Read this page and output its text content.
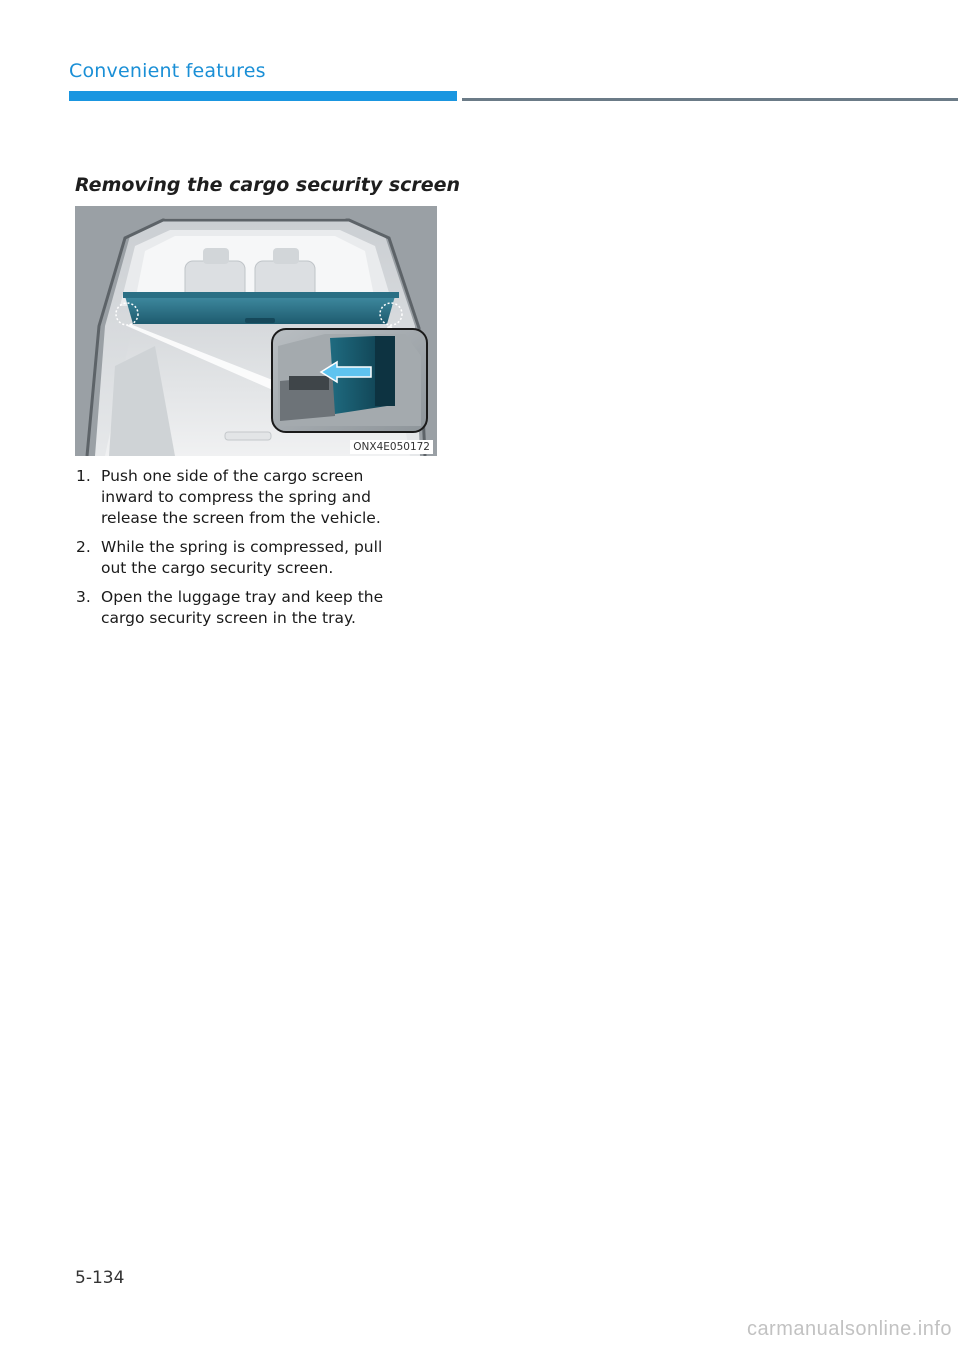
Convenient features
Removing the cargo security screen
ONX4E050172
1. Push one side of the cargo screen
inward to compress the spring and
release the screen from the vehicle.
2. While the spring is compressed, pull
out the cargo security screen.
3. Open the luggage tray and keep the
cargo security screen in the tray.
5-134
carmanualsonline.info
